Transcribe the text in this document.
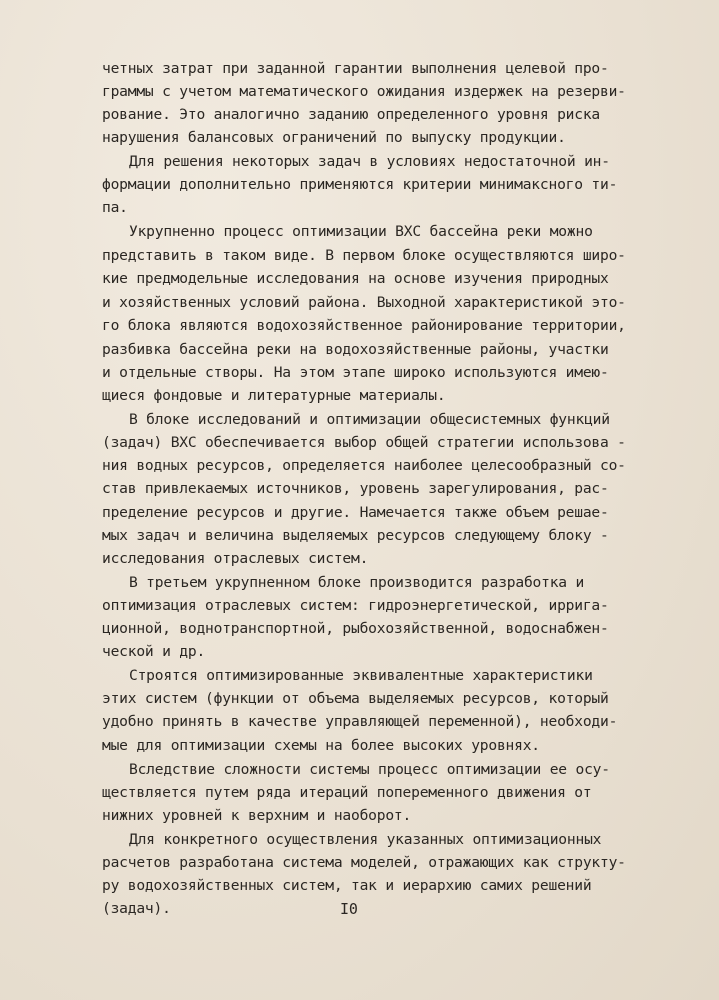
четных затрат при заданной гарантии выполнения целевой про-
граммы с учетом математического ожидания издержек на резерви-
рование. Это аналогично заданию определенного уровня риска
нарушения балансовых ограничений по выпуску продукции.
Для решения некоторых задач в условиях недостаточной ин-
формации дополнительно применяются критерии минимаксного ти-
па.
Укрупненно процесс оптимизации ВХС бассейна реки можно
представить в таком виде. В первом блоке осуществляются широ-
кие предмодельные исследования на основе изучения природных
и хозяйственных условий района. Выходной характеристикой это-
го блока являются водохозяйственное районирование территории,
разбивка бассейна реки на водохозяйственные районы, участки
и отдельные створы. На этом этапе широко используются имею-
щиеся фондовые и литературные материалы.
В блоке исследований и оптимизации общесистемных функций
(задач) ВХС обеспечивается выбор общей стратегии использова -
ния водных ресурсов, определяется наиболее целесообразный со-
став привлекаемых источников, уровень зарегулирования, рас-
пределение ресурсов и другие. Намечается также объем решае-
мых задач и величина выделяемых ресурсов следующему блоку -
исследования отраслевых систем.
В третьем укрупненном блоке производится разработка и
оптимизация отраслевых систем: гидроэнергетической, ирригa-
ционной, воднотранспортной, рыбохозяйственной, водоснабжен-
ческой и др.
Строятся оптимизированные эквивалентные характеристики
этих систем (функции от объема выделяемых ресурсов, который
удобно принять в качестве управляющей переменной), необходи-
мые для оптимизации схемы на более высоких уровнях.
Вследствие сложности системы процесс оптимизации ее осу-
ществляется путем ряда итераций попеременного движения от
нижних уровней к верхним и наоборот.
Для конкретного осуществления указанных оптимизационных
расчетов разработана система моделей, отражающих как структу-
ру водохозяйственных систем, так и иерархию самих решений
(задач).	I0
